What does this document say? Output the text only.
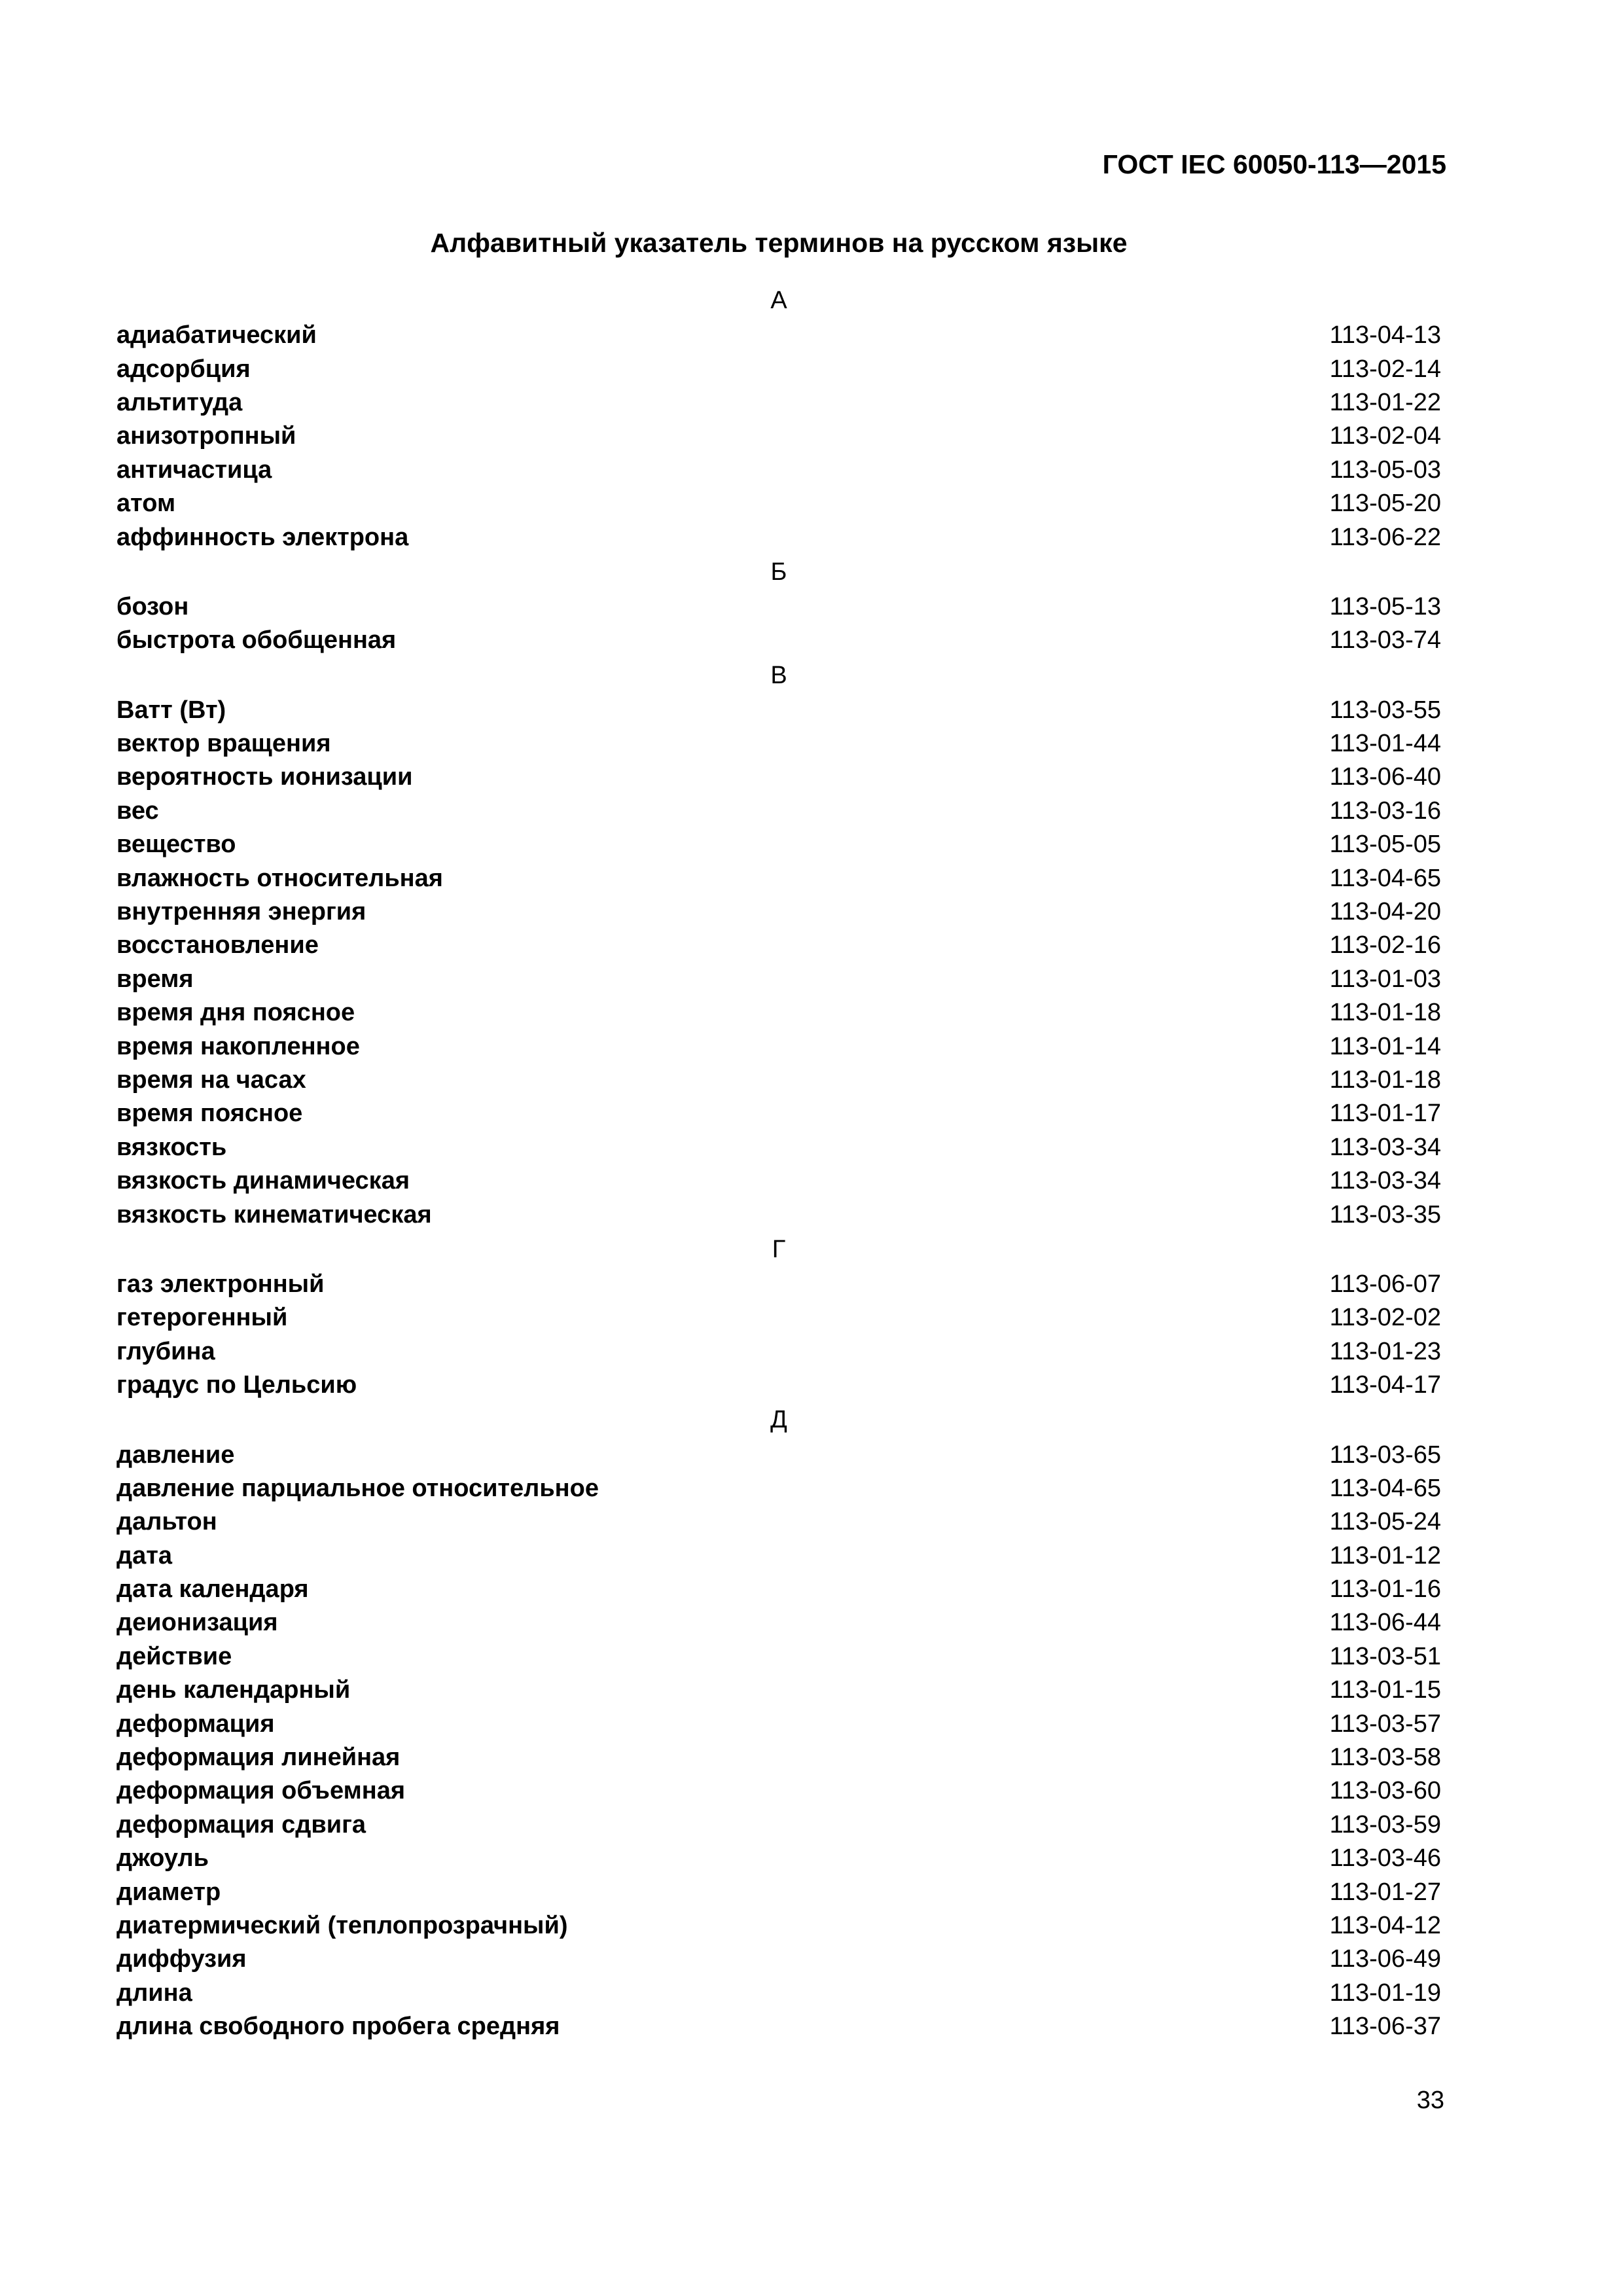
ГОСТ IEC 60050-113—2015
Алфавитный указатель терминов на русском языке
А
адиабатический	113-04-13
адсорбция	113-02-14
альтитуда	113-01-22
анизотропный	113-02-04
античастица	113-05-03
атом	113-05-20
аффинность электрона	113-06-22
Б
бозон	113-05-13
быстрота обобщенная	113-03-74
В
Ватт (Вт)	113-03-55
вектор вращения	113-01-44
вероятность ионизации	113-06-40
вес	113-03-16
вещество	113-05-05
влажность относительная	113-04-65
внутренняя энергия	113-04-20
восстановление	113-02-16
время	113-01-03
время дня поясное	113-01-18
время накопленное	113-01-14
время на часах	113-01-18
время поясное	113-01-17
вязкость	113-03-34
вязкость динамическая	113-03-34
вязкость кинематическая	113-03-35
Г
газ электронный	113-06-07
гетерогенный	113-02-02
глубина	113-01-23
градус по Цельсию	113-04-17
Д
давление	113-03-65
давление парциальное относительное	113-04-65
дальтон	113-05-24
дата	113-01-12
дата календаря	113-01-16
деионизация	113-06-44
действие	113-03-51
день календарный	113-01-15
деформация	113-03-57
деформация линейная	113-03-58
деформация объемная	113-03-60
деформация сдвига	113-03-59
джоуль	113-03-46
диаметр	113-01-27
диатермический (теплопрозрачный)	113-04-12
диффузия	113-06-49
длина	113-01-19
длина свободного пробега средняя	113-06-37
33
